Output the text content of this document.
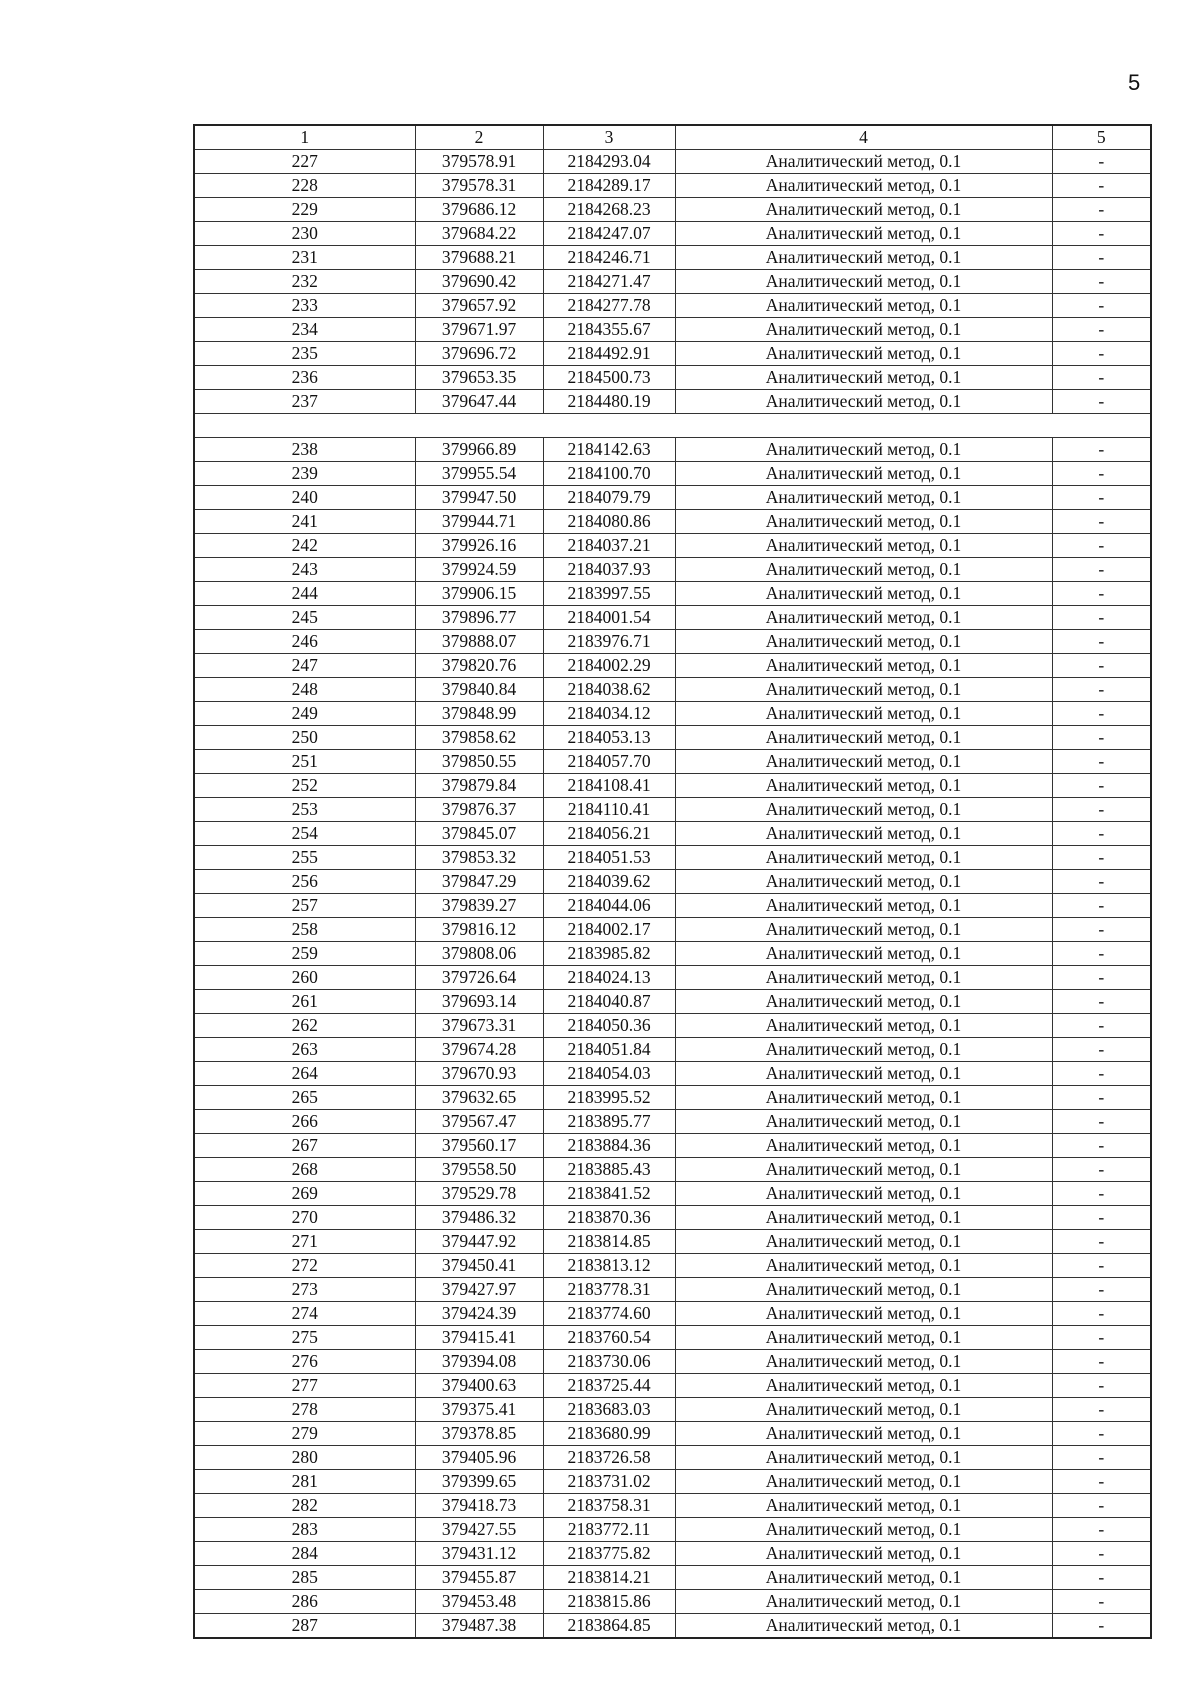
5
1	2	3	4	5
227	379578.91	2184293.04	Аналитический метод, 0.1	-
228	379578.31	2184289.17	Аналитический метод, 0.1	-
229	379686.12	2184268.23	Аналитический метод, 0.1	-
230	379684.22	2184247.07	Аналитический метод, 0.1	-
231	379688.21	2184246.71	Аналитический метод, 0.1	-
232	379690.42	2184271.47	Аналитический метод, 0.1	-
233	379657.92	2184277.78	Аналитический метод, 0.1	-
234	379671.97	2184355.67	Аналитический метод, 0.1	-
235	379696.72	2184492.91	Аналитический метод, 0.1	-
236	379653.35	2184500.73	Аналитический метод, 0.1	-
237	379647.44	2184480.19	Аналитический метод, 0.1	-

238	379966.89	2184142.63	Аналитический метод, 0.1	-
239	379955.54	2184100.70	Аналитический метод, 0.1	-
240	379947.50	2184079.79	Аналитический метод, 0.1	-
241	379944.71	2184080.86	Аналитический метод, 0.1	-
242	379926.16	2184037.21	Аналитический метод, 0.1	-
243	379924.59	2184037.93	Аналитический метод, 0.1	-
244	379906.15	2183997.55	Аналитический метод, 0.1	-
245	379896.77	2184001.54	Аналитический метод, 0.1	-
246	379888.07	2183976.71	Аналитический метод, 0.1	-
247	379820.76	2184002.29	Аналитический метод, 0.1	-
248	379840.84	2184038.62	Аналитический метод, 0.1	-
249	379848.99	2184034.12	Аналитический метод, 0.1	-
250	379858.62	2184053.13	Аналитический метод, 0.1	-
251	379850.55	2184057.70	Аналитический метод, 0.1	-
252	379879.84	2184108.41	Аналитический метод, 0.1	-
253	379876.37	2184110.41	Аналитический метод, 0.1	-
254	379845.07	2184056.21	Аналитический метод, 0.1	-
255	379853.32	2184051.53	Аналитический метод, 0.1	-
256	379847.29	2184039.62	Аналитический метод, 0.1	-
257	379839.27	2184044.06	Аналитический метод, 0.1	-
258	379816.12	2184002.17	Аналитический метод, 0.1	-
259	379808.06	2183985.82	Аналитический метод, 0.1	-
260	379726.64	2184024.13	Аналитический метод, 0.1	-
261	379693.14	2184040.87	Аналитический метод, 0.1	-
262	379673.31	2184050.36	Аналитический метод, 0.1	-
263	379674.28	2184051.84	Аналитический метод, 0.1	-
264	379670.93	2184054.03	Аналитический метод, 0.1	-
265	379632.65	2183995.52	Аналитический метод, 0.1	-
266	379567.47	2183895.77	Аналитический метод, 0.1	-
267	379560.17	2183884.36	Аналитический метод, 0.1	-
268	379558.50	2183885.43	Аналитический метод, 0.1	-
269	379529.78	2183841.52	Аналитический метод, 0.1	-
270	379486.32	2183870.36	Аналитический метод, 0.1	-
271	379447.92	2183814.85	Аналитический метод, 0.1	-
272	379450.41	2183813.12	Аналитический метод, 0.1	-
273	379427.97	2183778.31	Аналитический метод, 0.1	-
274	379424.39	2183774.60	Аналитический метод, 0.1	-
275	379415.41	2183760.54	Аналитический метод, 0.1	-
276	379394.08	2183730.06	Аналитический метод, 0.1	-
277	379400.63	2183725.44	Аналитический метод, 0.1	-
278	379375.41	2183683.03	Аналитический метод, 0.1	-
279	379378.85	2183680.99	Аналитический метод, 0.1	-
280	379405.96	2183726.58	Аналитический метод, 0.1	-
281	379399.65	2183731.02	Аналитический метод, 0.1	-
282	379418.73	2183758.31	Аналитический метод, 0.1	-
283	379427.55	2183772.11	Аналитический метод, 0.1	-
284	379431.12	2183775.82	Аналитический метод, 0.1	-
285	379455.87	2183814.21	Аналитический метод, 0.1	-
286	379453.48	2183815.86	Аналитический метод, 0.1	-
287	379487.38	2183864.85	Аналитический метод, 0.1	-
